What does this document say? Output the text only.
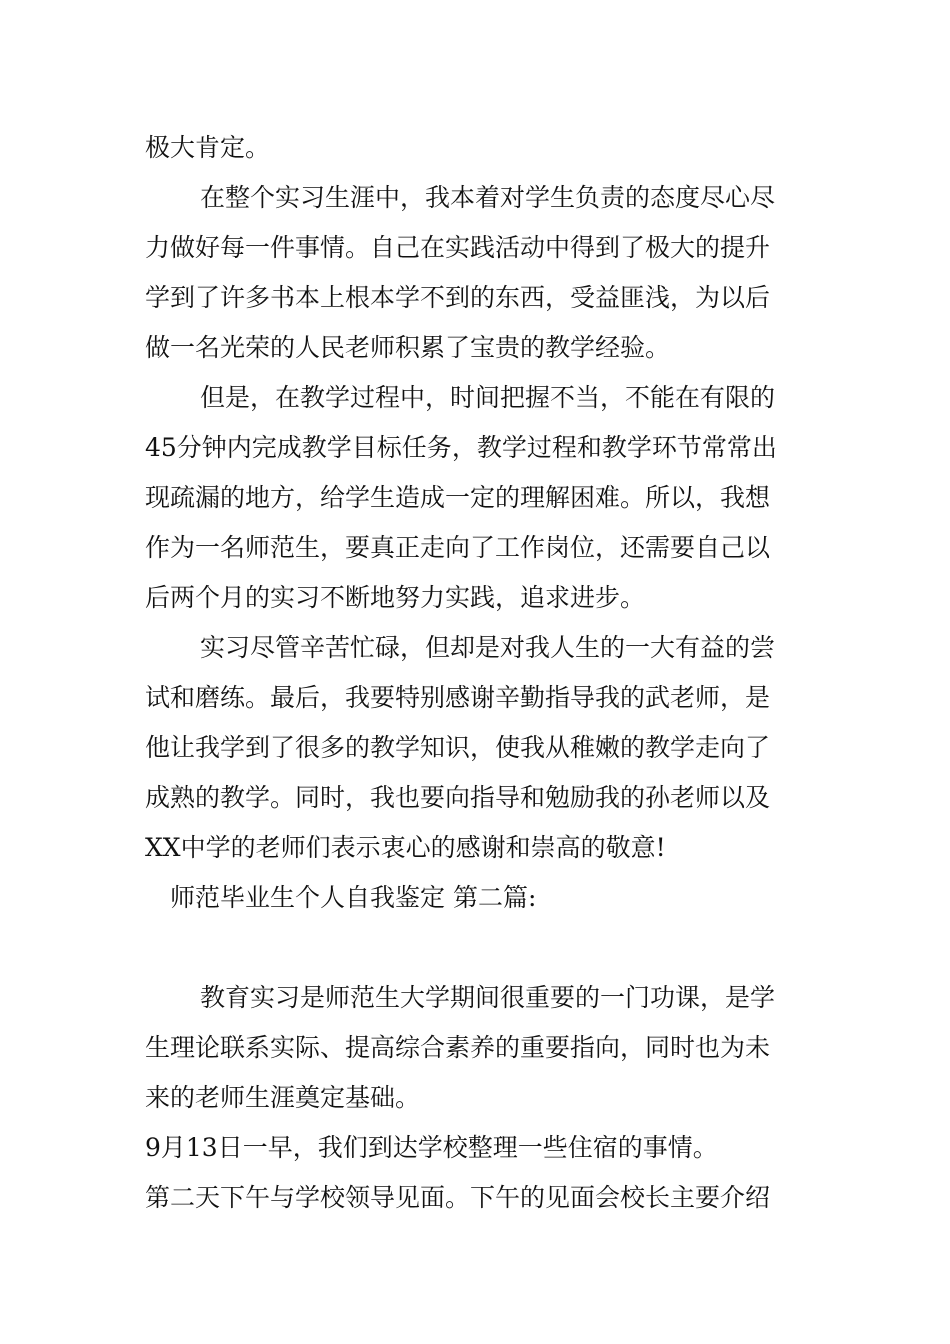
极大肯定。

在整个实习生涯中，我本着对学生负责的态度尽心尽

力做好每一件事情。自己在实践活动中得到了极大的提升

学到了许多书本上根本学不到的东西，受益匪浅，为以后

做一名光荣的人民老师积累了宝贵的教学经验。

但是，在教学过程中，时间把握不当，不能在有限的

45分钟内完成教学目标任务，教学过程和教学环节常常出

现疏漏的地方，给学生造成一定的理解困难。所以，我想

作为一名师范生，要真正走向了工作岗位，还需要自己以

后两个月的实习不断地努力实践，追求进步。

实习尽管辛苦忙碌，但却是对我人生的一大有益的尝

试和磨练。最后，我要特别感谢辛勤指导我的武老师，是

他让我学到了很多的教学知识，使我从稚嫩的教学走向了

成熟的教学。同时，我也要向指导和勉励我的孙老师以及

XX中学的老师们表示衷心的感谢和崇高的敬意!

师范毕业生个人自我鉴定 第二篇:

教育实习是师范生大学期间很重要的一门功课，是学

生理论联系实际、提高综合素养的重要指向，同时也为未

来的老师生涯奠定基础。

9月13日一早，我们到达学校整理一些住宿的事情。

第二天下午与学校领导见面。下午的见面会校长主要介绍
